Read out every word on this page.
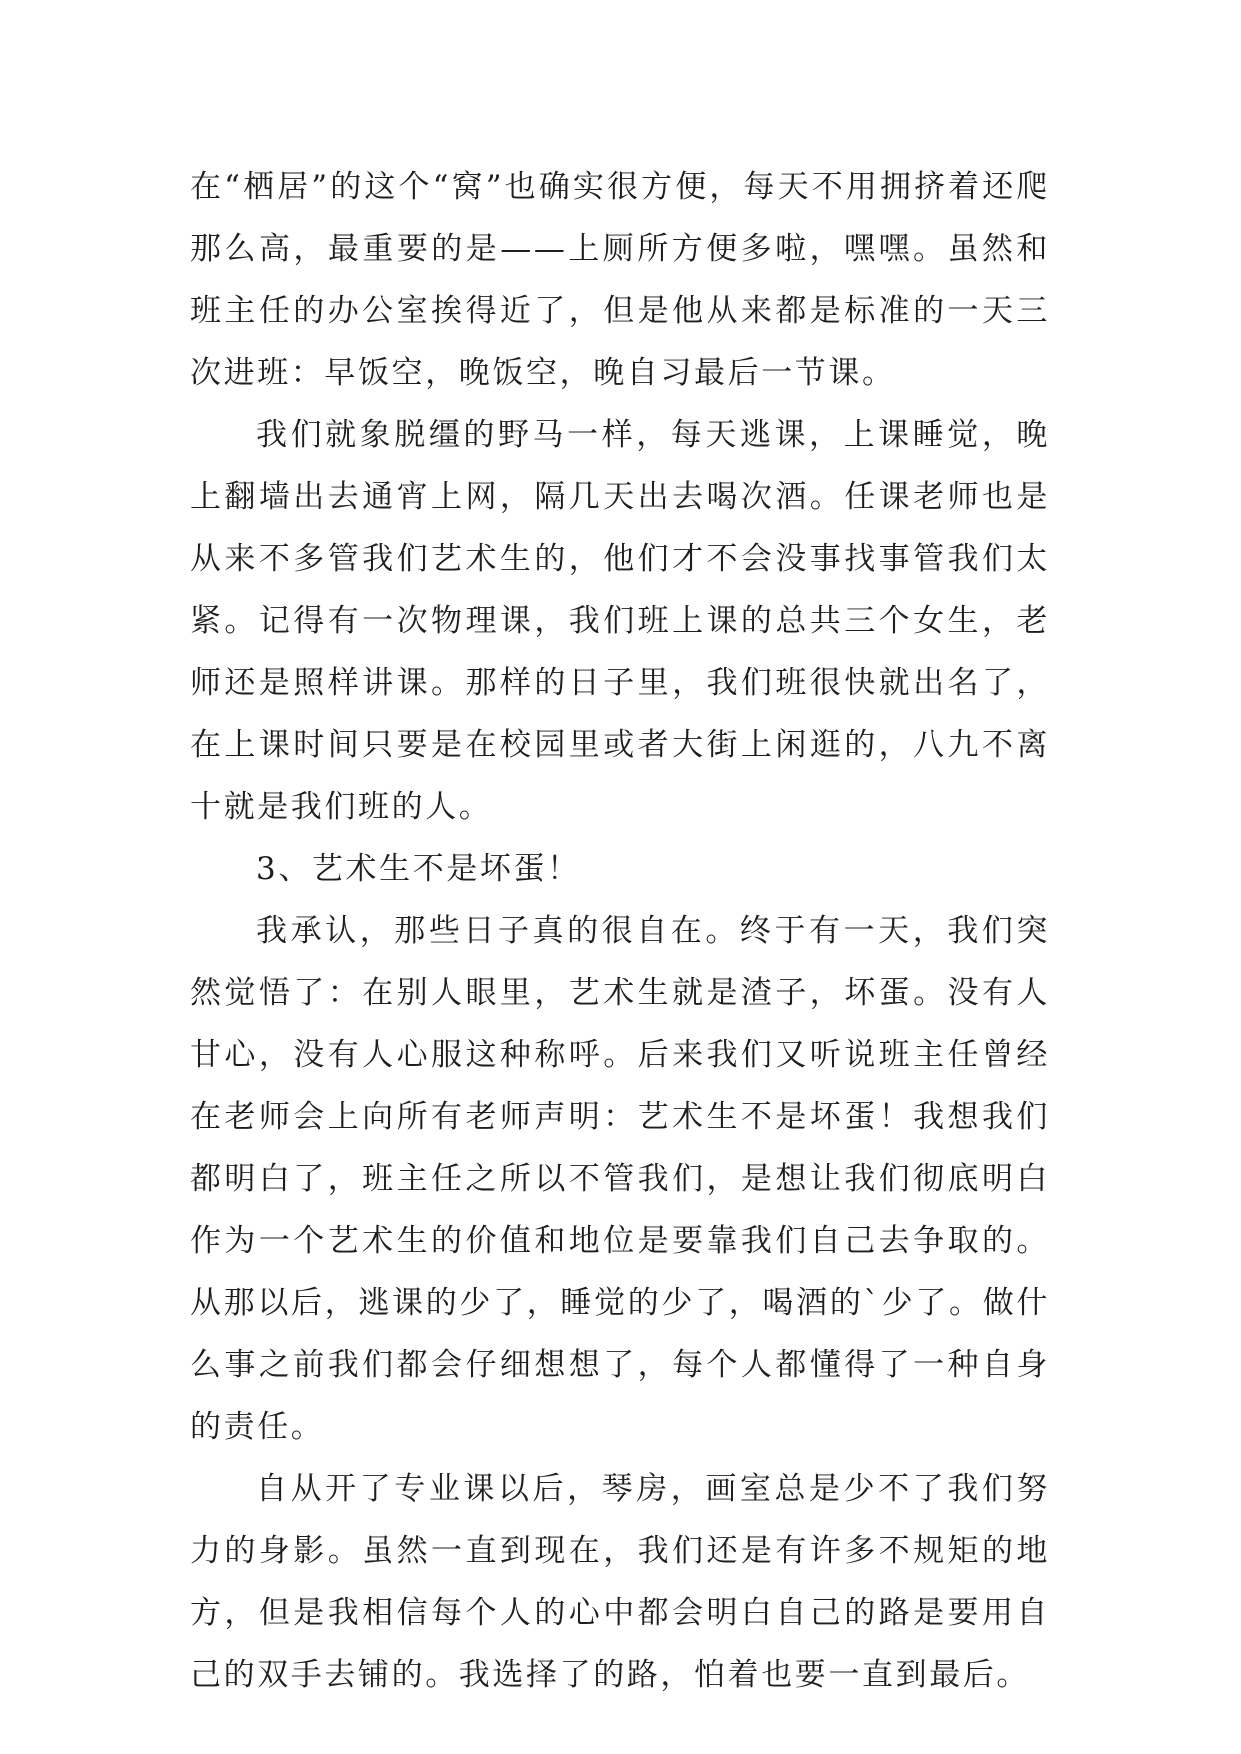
在“栖居”的这个“窝”也确实很方便，每天不用拥挤着还爬那么高，最重要的是——上厕所方便多啦，嘿嘿。虽然和班主任的办公室挨得近了，但是他从来都是标准的一天三次进班：早饭空，晚饭空，晚自习最后一节课。

我们就象脱缰的野马一样，每天逃课，上课睡觉，晚上翻墙出去通宵上网，隔几天出去喝次酒。任课老师也是从来不多管我们艺术生的，他们才不会没事找事管我们太紧。记得有一次物理课，我们班上课的总共三个女生，老师还是照样讲课。那样的日子里，我们班很快就出名了，在上课时间只要是在校园里或者大街上闲逛的，八九不离十就是我们班的人。

3、艺术生不是坏蛋！

我承认，那些日子真的很自在。终于有一天，我们突然觉悟了：在别人眼里，艺术生就是渣子，坏蛋。没有人甘心，没有人心服这种称呼。后来我们又听说班主任曾经在老师会上向所有老师声明：艺术生不是坏蛋！我想我们都明白了，班主任之所以不管我们，是想让我们彻底明白作为一个艺术生的价值和地位是要靠我们自己去争取的。从那以后，逃课的少了，睡觉的少了，喝酒的`少了。做什么事之前我们都会仔细想想了，每个人都懂得了一种自身的责任。

自从开了专业课以后，琴房，画室总是少不了我们努力的身影。虽然一直到现在，我们还是有许多不规矩的地方，但是我相信每个人的心中都会明白自己的路是要用自己的双手去铺的。我选择了的路，怕着也要一直到最后。
